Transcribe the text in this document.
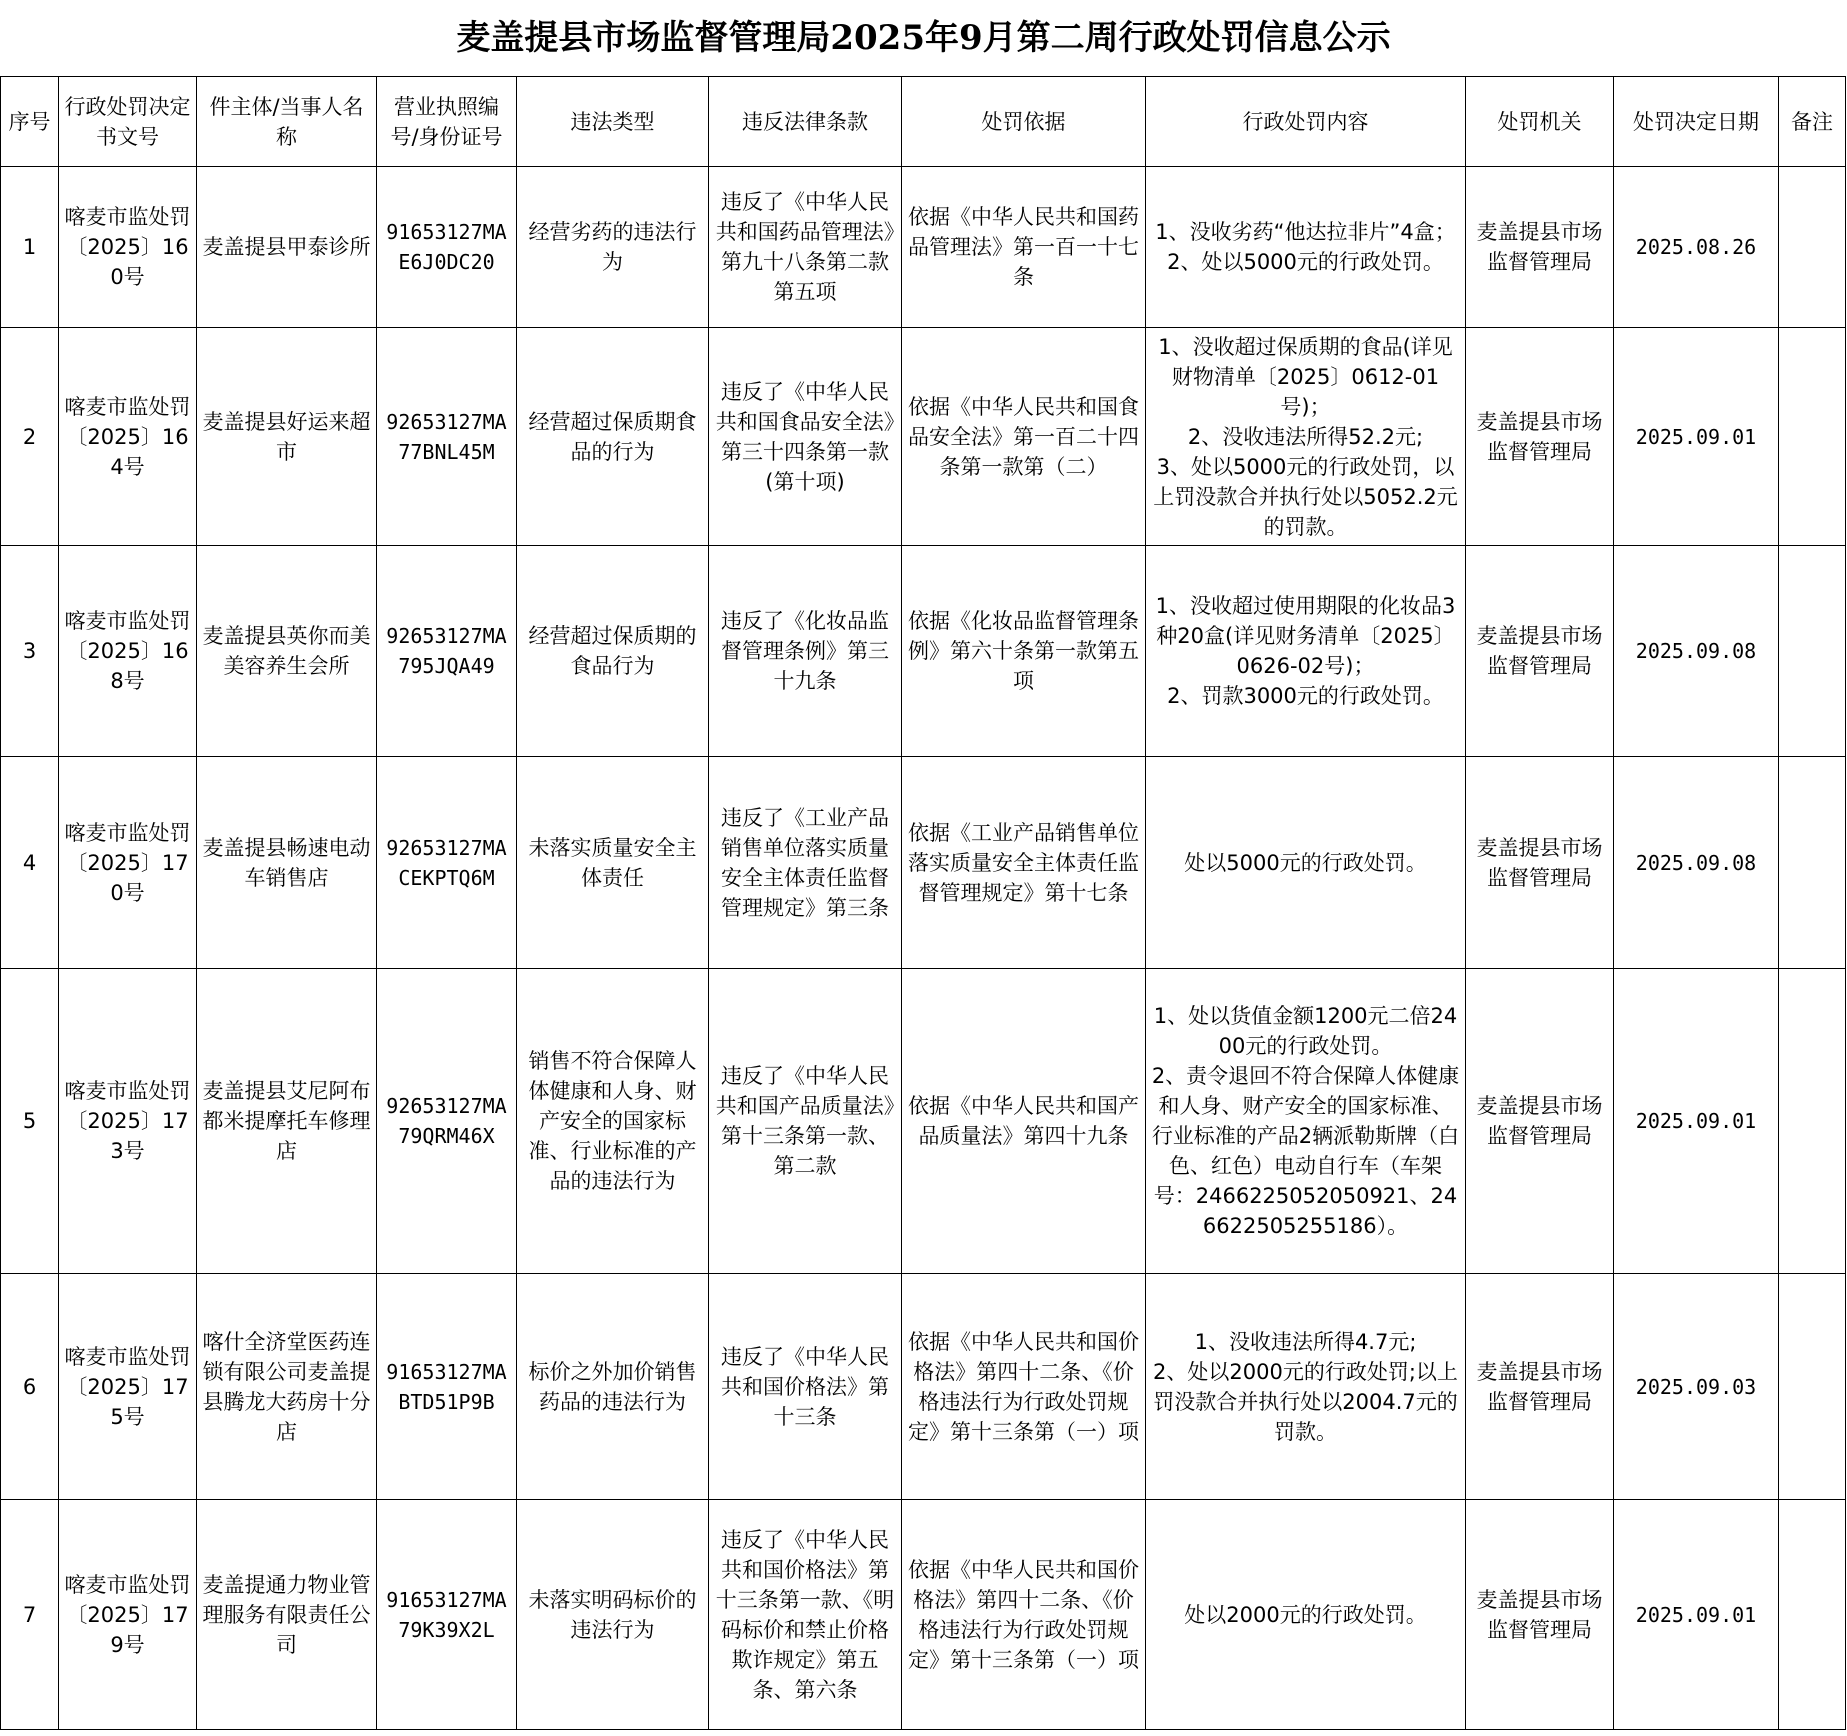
麦盖提县市场监督管理局2025年9月第二周行政处罚信息公示
序号	行政处罚决定书文号	件主体/当事人名称	营业执照编号/身份证号	违法类型	违反法律条款	处罚依据	行政处罚内容	处罚机关	处罚决定日期	备注
1	喀麦市监处罚〔2025〕160号	麦盖提县甲泰诊所	91653127MAE6J0DC20	经营劣药的违法行为	违反了《中华人民共和国药品管理法》第九十八条第二款第五项	依据《中华人民共和国药品管理法》第一百一十七条	1、没收劣药“他达拉非片”4盒；
2、处以5000元的行政处罚。	麦盖提县市场监督管理局	2025.08.26	
2	喀麦市监处罚〔2025〕164号	麦盖提县好运来超市	92653127MA77BNL45M	经营超过保质期食品的行为	违反了《中华人民共和国食品安全法》第三十四条第一款(第十项)	依据《中华人民共和国食品安全法》第一百二十四条第一款第（二）	1、没收超过保质期的食品(详见财物清单〔2025〕0612-01号)；
2、没收违法所得52.2元;
3、处以5000元的行政处罚，以上罚没款合并执行处以5052.2元的罚款。	麦盖提县市场监督管理局	2025.09.01	
3	喀麦市监处罚〔2025〕168号	麦盖提县英你而美美容养生会所	92653127MA795JQA49	经营超过保质期的食品行为	违反了《化妆品监督管理条例》第三十九条	依据《化妆品监督管理条例》第六十条第一款第五项	1、没收超过使用期限的化妆品3种20盒(详见财务清单〔2025〕0626-02号)；
2、罚款3000元的行政处罚。	麦盖提县市场监督管理局	2025.09.08	
4	喀麦市监处罚〔2025〕170号	麦盖提县畅速电动车销售店	92653127MACEKPTQ6M	未落实质量安全主体责任	违反了《工业产品销售单位落实质量安全主体责任监督管理规定》第三条	依据《工业产品销售单位落实质量安全主体责任监督管理规定》第十七条	处以5000元的行政处罚。	麦盖提县市场监督管理局	2025.09.08	
5	喀麦市监处罚〔2025〕173号	麦盖提县艾尼阿布都米提摩托车修理店	92653127MA79QRM46X	销售不符合保障人体健康和人身、财产安全的国家标准、行业标准的产品的违法行为	违反了《中华人民共和国产品质量法》第十三条第一款、第二款	依据《中华人民共和国产品质量法》第四十九条	1、处以货值金额1200元二倍2400元的行政处罚。
2、责令退回不符合保障人体健康和人身、财产安全的国家标准、行业标准的产品2辆派勒斯牌（白色、红色）电动自行车（车架号：2466225052050921、246622505255186）。	麦盖提县市场监督管理局	2025.09.01	
6	喀麦市监处罚〔2025〕175号	喀什全济堂医药连锁有限公司麦盖提县腾龙大药房十分店	91653127MABTD51P9B	标价之外加价销售药品的违法行为	违反了《中华人民共和国价格法》第十三条	依据《中华人民共和国价格法》第四十二条、《价格违法行为行政处罚规定》第十三条第（一）项	1、没收违法所得4.7元;
2、处以2000元的行政处罚;以上罚没款合并执行处以2004.7元的罚款。	麦盖提县市场监督管理局	2025.09.03	
7	喀麦市监处罚〔2025〕179号	麦盖提通力物业管理服务有限责任公司	91653127MA79K39X2L	未落实明码标价的违法行为	违反了《中华人民共和国价格法》第十三条第一款、《明码标价和禁止价格欺诈规定》第五条、第六条	依据《中华人民共和国价格法》第四十二条、《价格违法行为行政处罚规定》第十三条第（一）项	处以2000元的行政处罚。	麦盖提县市场监督管理局	2025.09.01	
